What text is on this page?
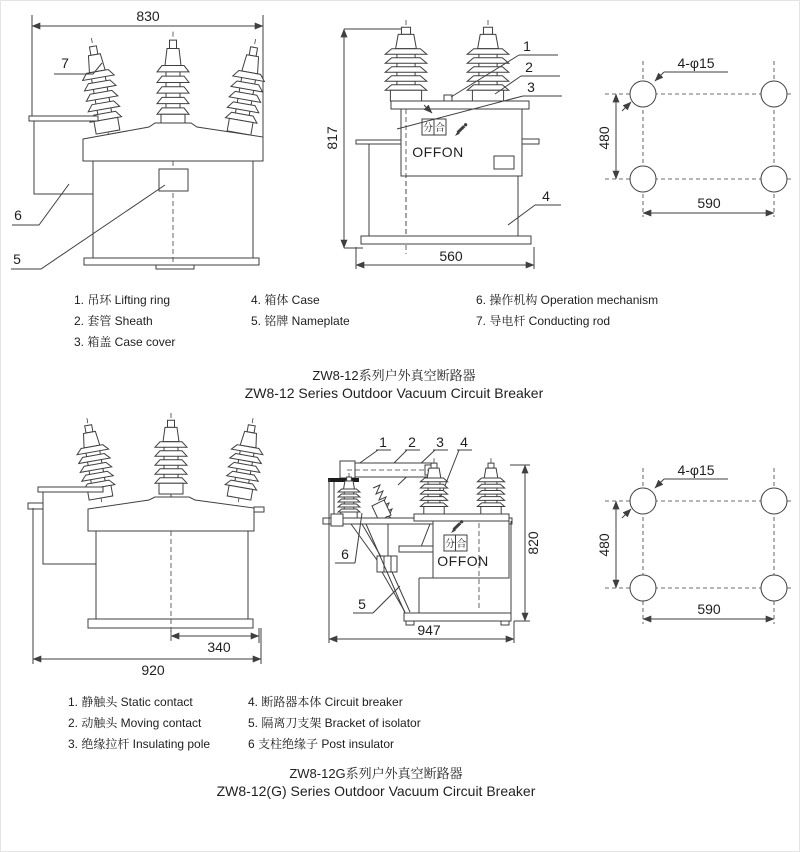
830
7
6
5
817	分 合
OFFON
1
2
3
4
560
4-φ15
480
590
340
920
1 2 3 4
6
5
分 合
OFFON
820
947
4-φ15
480
590
1. 吊环 Lifting ring
2. 套管 Sheath
3. 箱盖 Case cover
4. 箱体 Case
5. 铭牌 Nameplate
6. 操作机构 Operation mechanism
7. 导电杆 Conducting rod
ZW8-12系列户外真空断路器
ZW8-12 Series Outdoor Vacuum Circuit Breaker
1. 静触头 Static contact
2. 动触头 Moving contact
3. 绝缘拉杆 Insulating pole
4. 断路器本体 Circuit breaker
5. 隔离刀支架 Bracket of isolator
6 支柱绝缘子 Post insulator
ZW8-12G系列户外真空断路器
ZW8-12(G) Series Outdoor Vacuum Circuit Breaker
